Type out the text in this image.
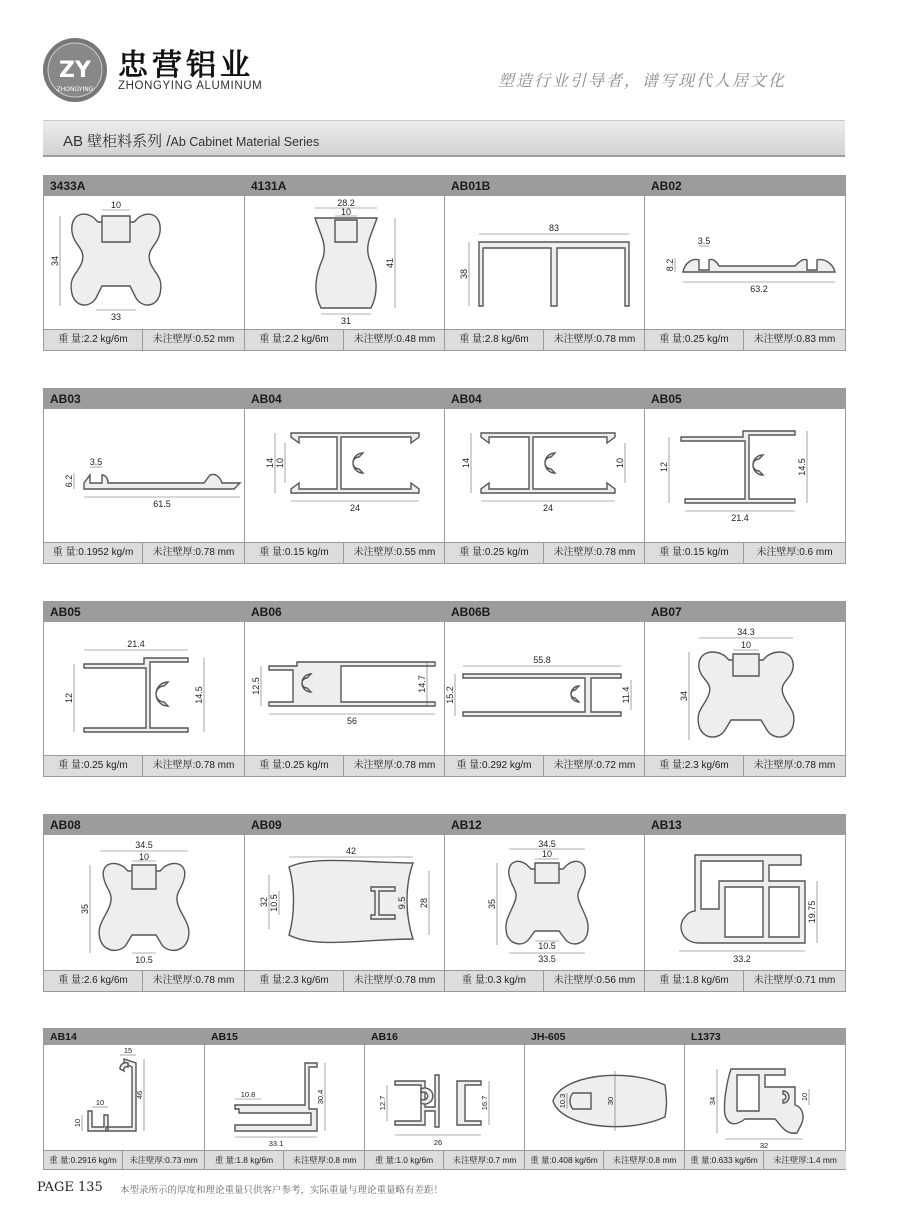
ZY
ZHONGYING
忠营铝业
ZHONGYING ALUMINUM	塑造行业引导者，谱写现代人居文化
AB 壁柜料系列 /Ab Cabinet Material Series
3433A
10
34
33
重 量:2.2 kg/6m	未注壁厚:0.52 mm
4131A
28.2
10
41
31
重 量:2.2 kg/6m	未注壁厚:0.48 mm
AB01B
83
38
重 量:2.8 kg/6m	未注壁厚:0.78 mm
AB02
3.5
8.2
63.2
重 量:0.25 kg/m	未注壁厚:0.83 mm
AB03
3.5
6.2
61.5
重 量:0.1952 kg/m	未注壁厚:0.78 mm
AB04
14 10
24
重 量:0.15 kg/m	未注壁厚:0.55 mm
AB04
14	10
24
重 量:0.25 kg/m	未注壁厚:0.78 mm
AB05
12	14.5
21.4
重 量:0.15 kg/m	未注壁厚:0.6 mm
AB05
21.4
12	14.5
重 量:0.25 kg/m	未注壁厚:0.78 mm
AB06
12.5	14.7
56
重 量:0.25 kg/m	未注壁厚:0.78 mm
AB06B
55.8
15.2	11.4
重 量:0.292 kg/m	未注壁厚:0.72 mm
AB07
34.3
10
34
重 量:2.3 kg/6m	未注壁厚:0.78 mm
AB08
34.5
10
35
10.5
重 量:2.6 kg/6m	未注壁厚:0.78 mm
AB09
42
32 10.5	9.5 28
重 量:2.3 kg/6m	未注壁厚:0.78 mm
AB12
34.5
10
35
10.5
33.5
重 量:0.3 kg/m	未注壁厚:0.56 mm
AB13
19.75
33.2
重 量:1.8 kg/6m	未注壁厚:0.71 mm
AB14
15
46
10
10
重 量:0.2916 kg/m	未注壁厚:0.73 mm
AB15
10.8	30.4
33.1
重 量:1.8 kg/6m	未注壁厚:0.8 mm
AB16
12.7	16.7
26
重 量:1.0 kg/6m	未注壁厚:0.7 mm
JH-605
10.3	30
重 量:0.408 kg/6m	未注壁厚:0.8 mm
L1373
34	10
32
重 量:0.633 kg/6m	未注壁厚:1.4 mm
PAGE 135 本型录所示的厚度和理论重量只供客户参考，实际重量与理论重量略有差距！
